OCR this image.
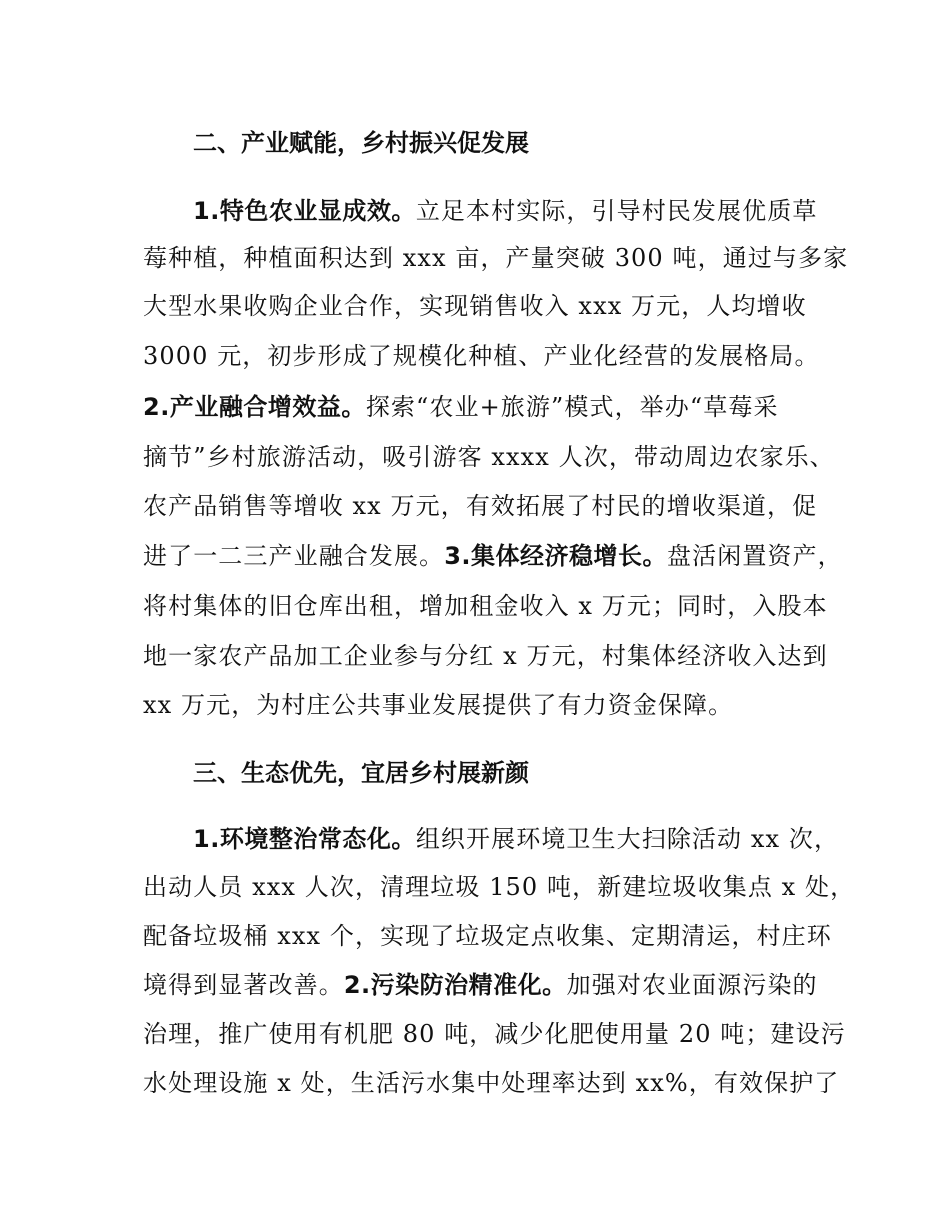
二、产业赋能，乡村振兴促发展
1.特色农业显成效。立足本村实际，引导村民发展优质草
莓种植，种植面积达到 xxx 亩，产量突破 300 吨，通过与多家
大型水果收购企业合作，实现销售收入 xxx 万元，人均增收
3000 元，初步形成了规模化种植、产业化经营的发展格局。
2.产业融合增效益。探索“农业+旅游”模式，举办“草莓采
摘节”乡村旅游活动，吸引游客 xxxx 人次，带动周边农家乐、
农产品销售等增收 xx 万元，有效拓展了村民的增收渠道，促
进了一二三产业融合发展。3.集体经济稳增长。盘活闲置资产，
将村集体的旧仓库出租，增加租金收入 x 万元；同时，入股本
地一家农产品加工企业参与分红 x 万元，村集体经济收入达到
xx 万元，为村庄公共事业发展提供了有力资金保障。
三、生态优先，宜居乡村展新颜
1.环境整治常态化。组织开展环境卫生大扫除活动 xx 次，
出动人员 xxx 人次，清理垃圾 150 吨，新建垃圾收集点 x 处，
配备垃圾桶 xxx 个，实现了垃圾定点收集、定期清运，村庄环
境得到显著改善。2.污染防治精准化。加强对农业面源污染的
治理，推广使用有机肥 80 吨，减少化肥使用量 20 吨；建设污
水处理设施 x 处，生活污水集中处理率达到 xx%，有效保护了
